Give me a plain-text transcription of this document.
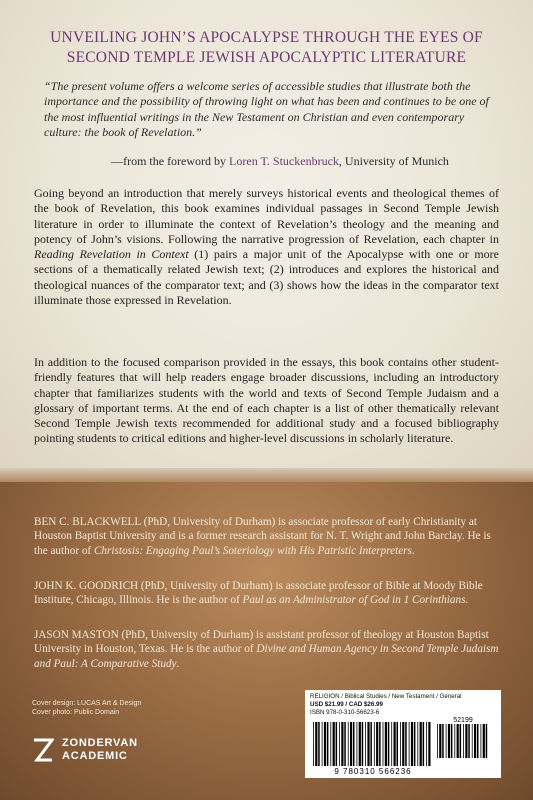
UNVEILING JOHN’S APOCALYPSE THROUGH THE EYES OF
SECOND TEMPLE JEWISH APOCALYPTIC LITERATURE
“The present volume offers a welcome series of accessible studies that illustrate both the importance and the possibility of throwing light on what has been and continues to be one of the most influential writings in the New Testament on Christian and even contemporary culture: the book of Revelation.”
—from the foreword by Loren T. Stuckenbruck, University of Munich

Going beyond an introduction that merely surveys historical events and theological themes of the book of Revelation, this book examines individual passages in Second Temple Jewish literature in order to illuminate the context of Revelation’s theology and the meaning and potency of John’s visions. Following the narrative progression of Revelation, each chapter in Reading Revelation in Context (1) pairs a major unit of the Apocalypse with one or more sections of a thematically related Jewish text; (2) introduces and explores the historical and theological nuances of the comparator text; and (3) shows how the ideas in the comparator text illuminate those expressed in Revelation.

In addition to the focused comparison provided in the essays, this book contains other student-friendly features that will help readers engage broader discussions, including an introductory chapter that familiarizes students with the world and texts of Second Temple Judaism and a glossary of important terms. At the end of each chapter is a list of other thematically relevant Second Temple Jewish texts recommended for additional study and a focused bibliography pointing students to critical editions and higher-level discussions in scholarly literature.

BEN C. BLACKWELL (PhD, University of Durham) is associate professor of early Christianity at Houston Baptist University and is a former research assistant for N. T. Wright and John Barclay. He is the author of Christosis: Engaging Paul’s Soteriology with His Patristic Interpreters.

JOHN K. GOODRICH (PhD, University of Durham) is associate professor of Bible at Moody Bible Institute, Chicago, Illinois. He is the author of Paul as an Administrator of God in 1 Corinthians.

JASON MASTON (PhD, University of Durham) is assistant professor of theology at Houston Baptist University in Houston, Texas. He is the author of Divine and Human Agency in Second Temple Judaism and Paul: A Comparative Study.

Cover design: LUCAS Art & Design
Cover photo: Public Domain
ZONDERVAN
ACADEMIC
RELIGION / Biblical Studies / New Testament / General
USD $21.99 / CAD $26.99
ISBN 978-0-310-56623-6
52199
9 780310 566236
